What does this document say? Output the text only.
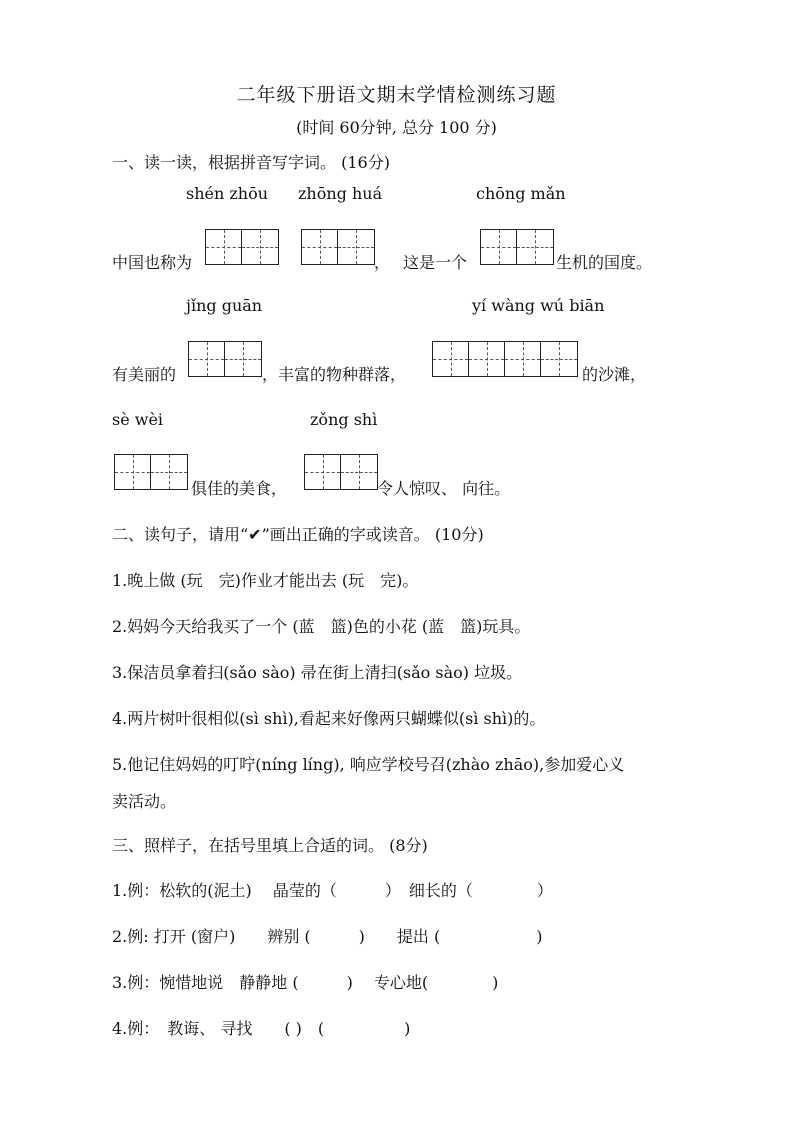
二年级下册语文期末学情检测练习题
(时间 60分钟, 总分 100 分)
一、读一读，根据拼音写字词。 (16分)
shén zhōu zhōng huá	chōng mǎn
中国也称为	， 这是一个	生机的国度。
jǐng guān	yí wàng wú biān
有美丽的	，丰富的物种群落，	的沙滩，
sè wèi	zǒng shì
俱佳的美食，	令人惊叹、 向往。
二、读句子，请用“✔”画出正确的字或读音。 (10分)
1.晚上做 (玩　完)作业才能出去 (玩　完)。
2.妈妈今天给我买了一个 (蓝　篮)色的小花 (蓝　篮)玩具。
3.保洁员拿着扫(sǎo sào) 帚在街上清扫(sǎo sào) 垃圾。
4.两片树叶很相似(sì shì),看起来好像两只蝴蝶似(sì shì)的。
5.他记住妈妈的叮咛(níng líng), 响应学校号召(zhào zhāo),参加爱心义
卖活动。
三、照样子，在括号里填上合适的词。 (8分)
1.例：松软的(泥土)　 晶莹的（　　　）　细长的（　　　　）
2.例: 打开 (窗户)　　辨别 (　　　)　　提出 (　　　　　　)
3.例：惋惜地说　静静地 (　　　)　 专心地(　　　　)
4.例：　教诲、 寻找　　( )　(　　　　　)
